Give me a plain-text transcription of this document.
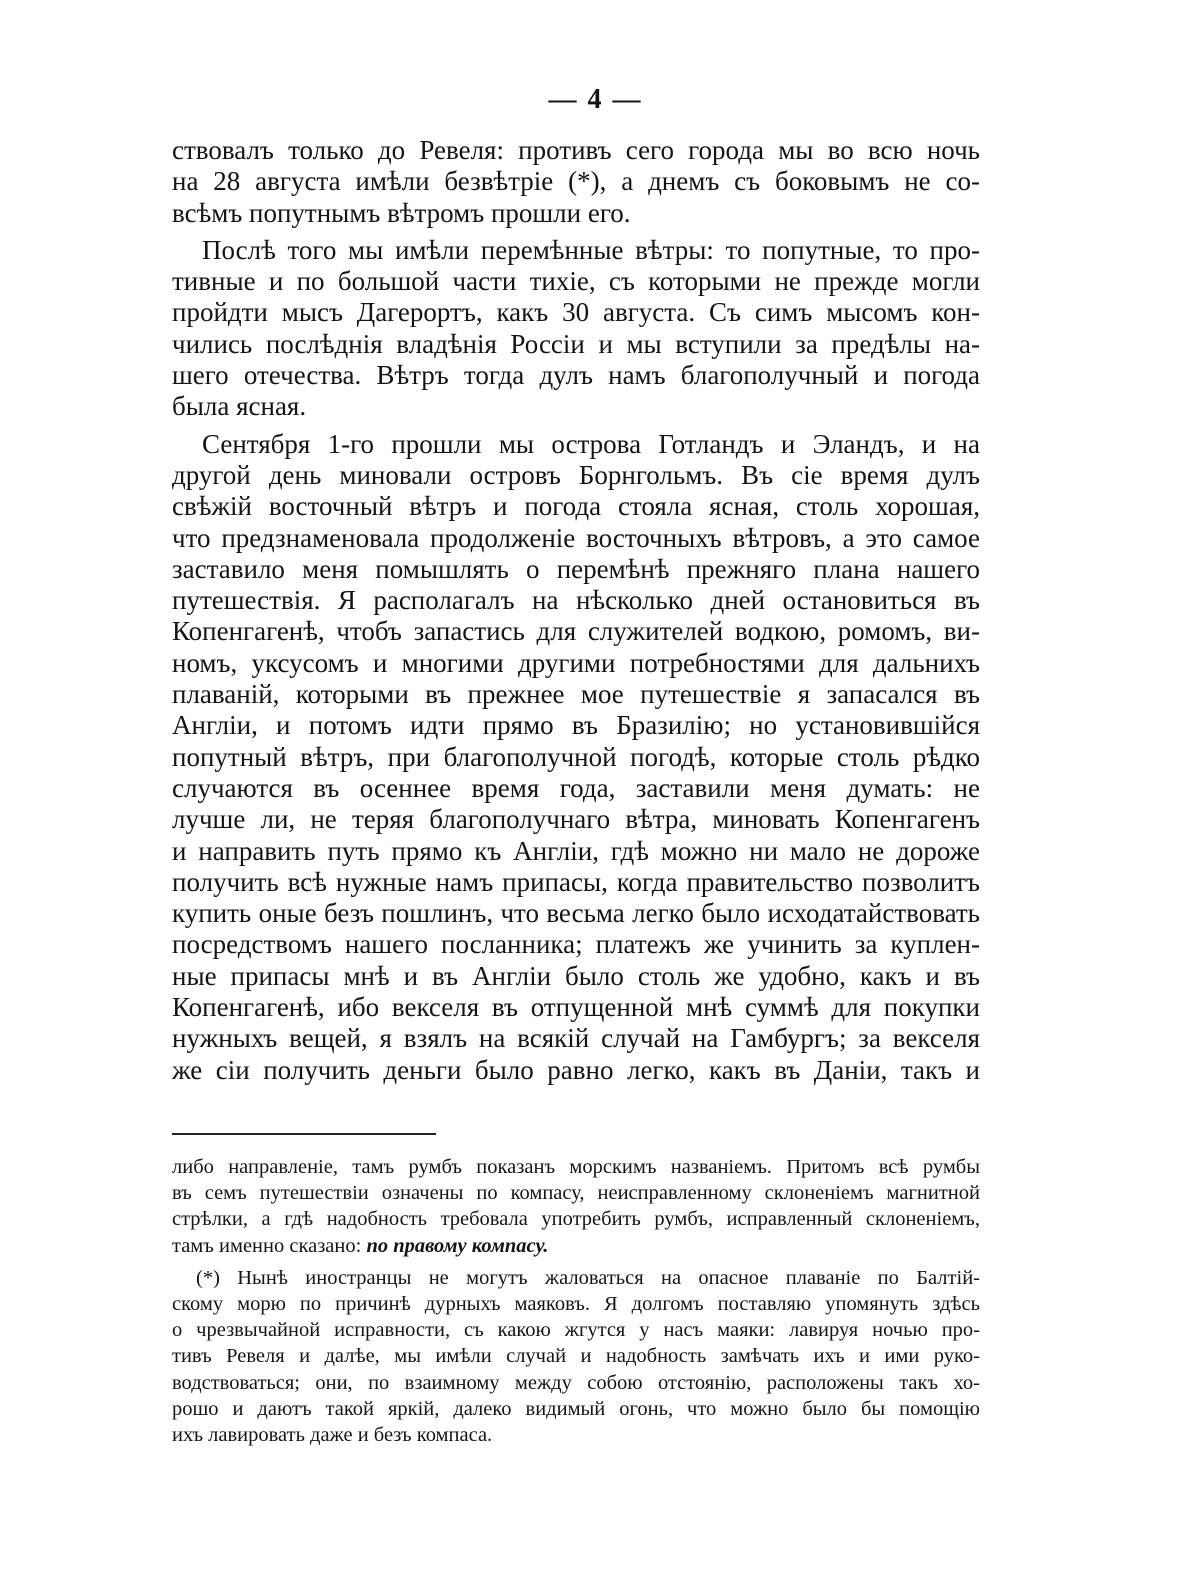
— 4 —

ствовалъ только до Ревеля: противъ сего города мы во всю ночь
на 28 августа имѣли безвѣтріе (*), а днемъ съ боковымъ не со-
всѣмъ попутнымъ вѣтромъ прошли его.

Послѣ того мы имѣли перемѣнные вѣтры: то попутные, то про-
тивные и по большой части тихіе, съ которыми не прежде могли
пройдти мысъ Дагерортъ, какъ 30 августа. Съ симъ мысомъ кон-
чились послѣднія владѣнія Россіи и мы вступили за предѣлы на-
шего отечества. Вѣтръ тогда дулъ намъ благополучный и погода
была ясная.

Сентября 1-го прошли мы острова Готландъ и Эландъ, и на
другой день миновали островъ Борнгольмъ. Въ сіе время дулъ
свѣжій восточный вѣтръ и погода стояла ясная, столь хорошая,
что предзнаменовала продолженіе восточныхъ вѣтровъ, а это самое
заставило меня помышлять о перемѣнѣ прежняго плана нашего
путешествія. Я располагалъ на нѣсколько дней остановиться въ
Копенгагенѣ, чтобъ запастись для служителей водкою, ромомъ, ви-
номъ, уксусомъ и многими другими потребностями для дальнихъ
плаваній, которыми въ прежнее мое путешествіе я запасался въ
Англіи, и потомъ идти прямо въ Бразилію; но установившійся
попутный вѣтръ, при благополучной погодѣ, которые столь рѣдко
случаются въ осеннее время года, заставили меня думать: не
лучше ли, не теряя благополучнаго вѣтра, миновать Копенгагенъ
и направить путь прямо къ Англіи, гдѣ можно ни мало не дороже
получить всѣ нужные намъ припасы, когда правительство позволитъ
купить оные безъ пошлинъ, что весьма легко было исходатайствовать
посредствомъ нашего посланника; платежъ же учинить за куплен-
ные припасы мнѣ и въ Англіи было столь же удобно, какъ и въ
Копенгагенѣ, ибо векселя въ отпущенной мнѣ суммѣ для покупки
нужныхъ вещей, я взялъ на всякій случай на Гамбургъ; за векселя
же сіи получить деньги было равно легко, какъ въ Даніи, такъ и

либо направленіе, тамъ румбъ показанъ морскимъ названіемъ. Притомъ всѣ румбы
въ семъ путешествіи означены по компасу, неисправленному склоненіемъ магнитной
стрѣлки, а гдѣ надобность требовала употребить румбъ, исправленный склоненіемъ,
тамъ именно сказано: по правому компасу.
(*) Нынѣ иностранцы не могутъ жаловаться на опасное плаваніе по Балтій-
скому морю по причинѣ дурныхъ маяковъ. Я долгомъ поставляю упомянуть здѣсь
о чрезвычайной исправности, съ какою жгутся у насъ маяки: лавируя ночью про-
тивъ Ревеля и далѣе, мы имѣли случай и надобность замѣчать ихъ и ими руко-
водствоваться; они, по взаимному между собою отстоянію, расположены такъ хо-
рошо и даютъ такой яркій, далеко видимый огонь, что можно было бы помощію
ихъ лавировать даже и безъ компаса.
